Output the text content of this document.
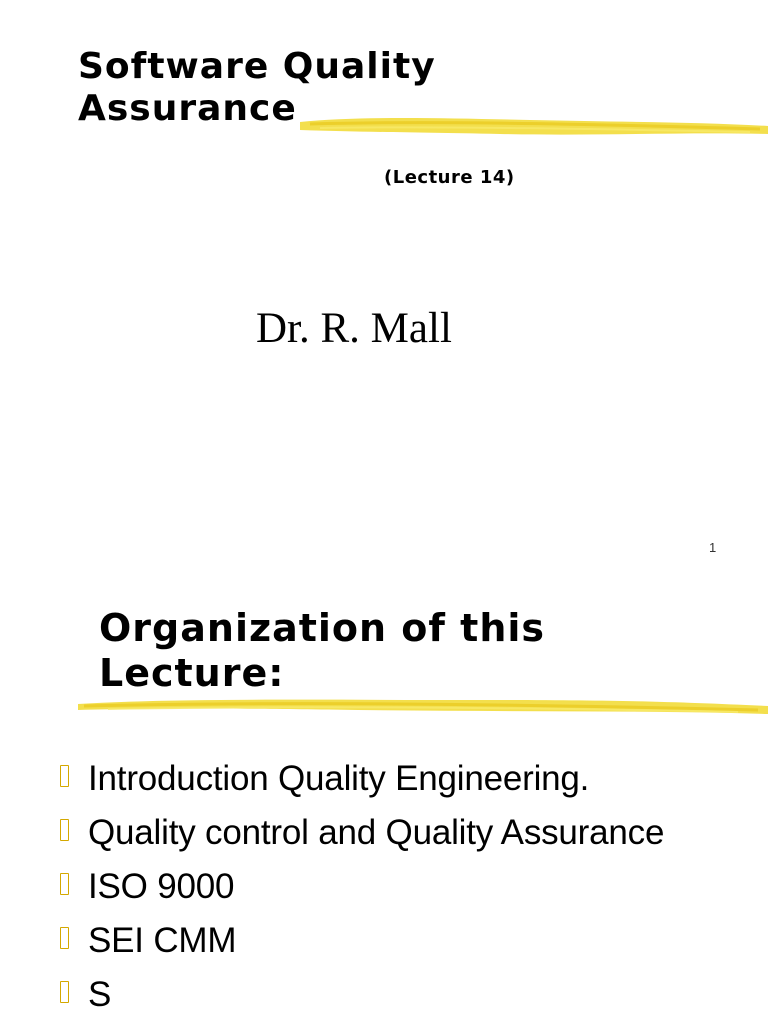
Software Quality
Assurance
(Lecture 14)
Dr. R. Mall
1
Organization of this
Lecture:
Introduction Quality Engineering.
Quality control and Quality Assurance
ISO 9000
SEI CMM
S
